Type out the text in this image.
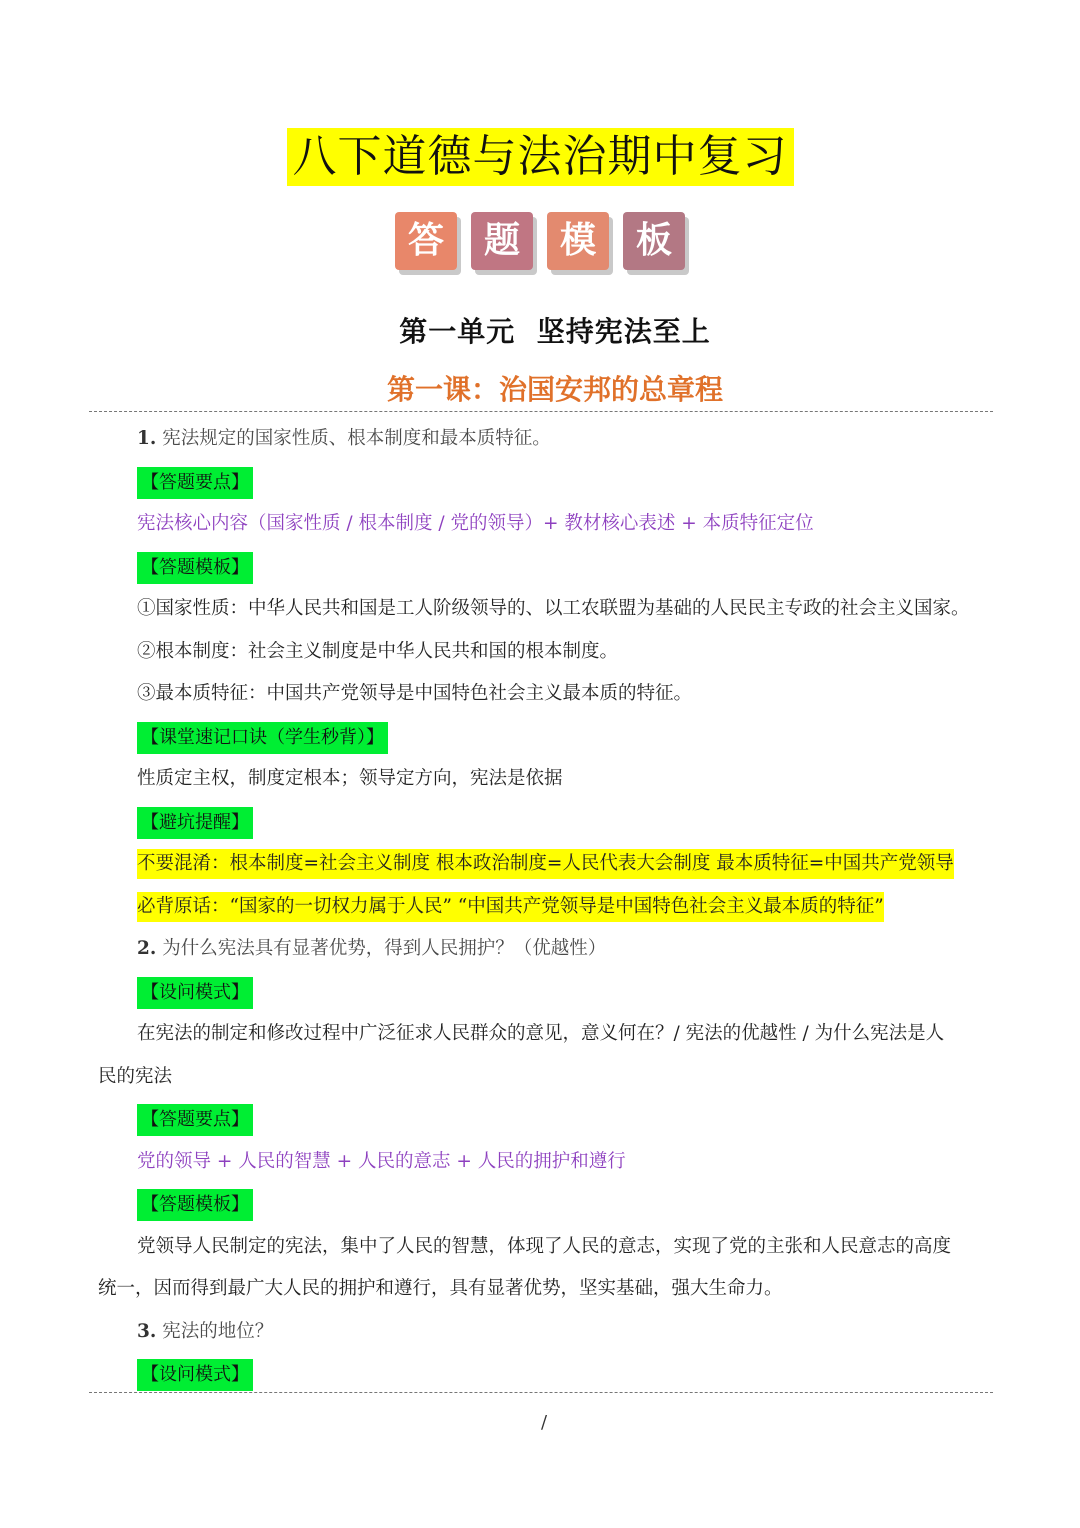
八下道德与法治期中复习
答	题	模	板
第一单元  坚持宪法至上
第一课：治国安邦的总章程
1. 宪法规定的国家性质、根本制度和最本质特征。
【答题要点】
宪法核心内容（国家性质 / 根本制度 / 党的领导）+ 教材核心表述 + 本质特征定位
【答题模板】
①国家性质：中华人民共和国是工人阶级领导的、以工农联盟为基础的人民民主专政的社会主义国家。
②根本制度：社会主义制度是中华人民共和国的根本制度。
③最本质特征：中国共产党领导是中国特色社会主义最本质的特征。
【课堂速记口诀（学生秒背）】
性质定主权，制度定根本；领导定方向，宪法是依据
【避坑提醒】
不要混淆：根本制度=社会主义制度 根本政治制度=人民代表大会制度 最本质特征=中国共产党领导
必背原话：“国家的一切权力属于人民” “中国共产党领导是中国特色社会主义最本质的特征”
2. 为什么宪法具有显著优势，得到人民拥护？（优越性）
【设问模式】
在宪法的制定和修改过程中广泛征求人民群众的意见，意义何在？/ 宪法的优越性 / 为什么宪法是人
民的宪法
【答题要点】
党的领导 + 人民的智慧 + 人民的意志 + 人民的拥护和遵行
【答题模板】
党领导人民制定的宪法，集中了人民的智慧，体现了人民的意志，实现了党的主张和人民意志的高度
统一，因而得到最广大人民的拥护和遵行，具有显著优势，坚实基础，强大生命力。
3. 宪法的地位？
【设问模式】
/
